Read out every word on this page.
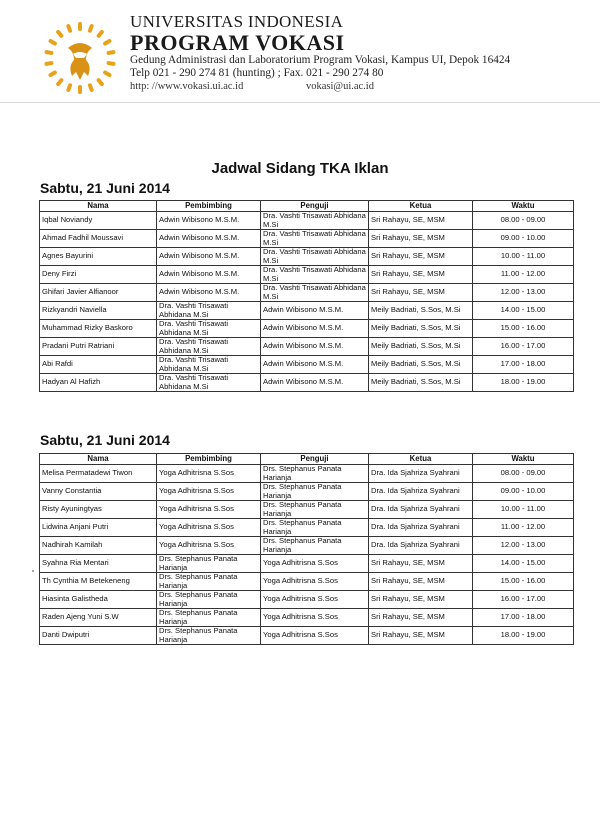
UNIVERSITAS INDONESIA
PROGRAM VOKASI
Gedung Administrasi dan Laboratorium Program Vokasi, Kampus UI, Depok 16424
Telp 021 - 290 274 81 (hunting) ; Fax. 021 - 290 274 80
http: //www.vokasi.ui.ac.id	vokasi@ui.ac.id
Jadwal Sidang TKA Iklan
Sabtu, 21 Juni 2014
Nama	Pembimbing	Penguji	Ketua	Waktu
Iqbal Noviandy	Adwin Wibisono M.S.M.	Dra. Vashti Trisawati Abhidana M.Si	Sri Rahayu, SE, MSM	08.00 - 09.00
Ahmad Fadhil Moussavi	Adwin Wibisono M.S.M.	Dra. Vashti Trisawati Abhidana M.Si	Sri Rahayu, SE, MSM	09.00 - 10.00
Agnes Bayurini	Adwin Wibisono M.S.M.	Dra. Vashti Trisawati Abhidana M.Si	Sri Rahayu, SE, MSM	10.00 - 11.00
Deny Firzi	Adwin Wibisono M.S.M.	Dra. Vashti Trisawati Abhidana M.Si	Sri Rahayu, SE, MSM	11.00 - 12.00
Ghifari Javier Alfianoor	Adwin Wibisono M.S.M.	Dra. Vashti Trisawati Abhidana M.Si	Sri Rahayu, SE, MSM	12.00 - 13.00
Rizkyandri Naviella	Dra. Vashti Trisawati Abhidana M.Si	Adwin Wibisono M.S.M.	Meily Badriati, S.Sos, M.Si	14.00 - 15.00
Muhammad Rizky Baskoro	Dra. Vashti Trisawati Abhidana M.Si	Adwin Wibisono M.S.M.	Meily Badriati, S.Sos, M.Si	15.00 - 16.00
Pradani Putri Ratriani	Dra. Vashti Trisawati Abhidana M.Si	Adwin Wibisono M.S.M.	Meily Badriati, S.Sos, M.Si	16.00 - 17.00
Abi Rafdi	Dra. Vashti Trisawati Abhidana M.Si	Adwin Wibisono M.S.M.	Meily Badriati, S.Sos, M.Si	17.00 - 18.00
Hadyan Al Hafizh	Dra. Vashti Trisawati Abhidana M.Si	Adwin Wibisono M.S.M.	Meily Badriati, S.Sos, M.Si	18.00 - 19.00
Sabtu, 21 Juni 2014
Nama	Pembimbing	Penguji	Ketua	Waktu
Melisa Permatadewi Tiwon	Yoga Adhitrisna S.Sos	Drs. Stephanus Panata Harianja	Dra. Ida Sjahriza Syahrani	08.00 - 09.00
Vanny Constantia	Yoga Adhitrisna S.Sos	Drs. Stephanus Panata Harianja	Dra. Ida Sjahriza Syahrani	09.00 - 10.00
Risty Ayuningtyas	Yoga Adhitrisna S.Sos	Drs. Stephanus Panata Harianja	Dra. Ida Sjahriza Syahrani	10.00 - 11.00
Lidwina Anjani Putri	Yoga Adhitrisna S.Sos	Drs. Stephanus Panata Harianja	Dra. Ida Sjahriza Syahrani	11.00 - 12.00
Nadhirah Kamilah	Yoga Adhitrisna S.Sos	Drs. Stephanus Panata Harianja	Dra. Ida Sjahriza Syahrani	12.00 - 13.00
Syahna Ria Mentari	Drs. Stephanus Panata Harianja	Yoga Adhitrisna S.Sos	Sri Rahayu, SE, MSM	14.00 - 15.00
Th Cynthia M Betekeneng	Drs. Stephanus Panata Harianja	Yoga Adhitrisna S.Sos	Sri Rahayu, SE, MSM	15.00 - 16.00
Hiasinta Galistheda	Drs. Stephanus Panata Harianja	Yoga Adhitrisna S.Sos	Sri Rahayu, SE, MSM	16.00 - 17.00
Raden Ajeng Yuni S.W	Drs. Stephanus Panata Harianja	Yoga Adhitrisna S.Sos	Sri Rahayu, SE, MSM	17.00 - 18.00
Danti Dwiputri	Drs. Stephanus Panata Harianja	Yoga Adhitrisna S.Sos	Sri Rahayu, SE, MSM	18.00 - 19.00
